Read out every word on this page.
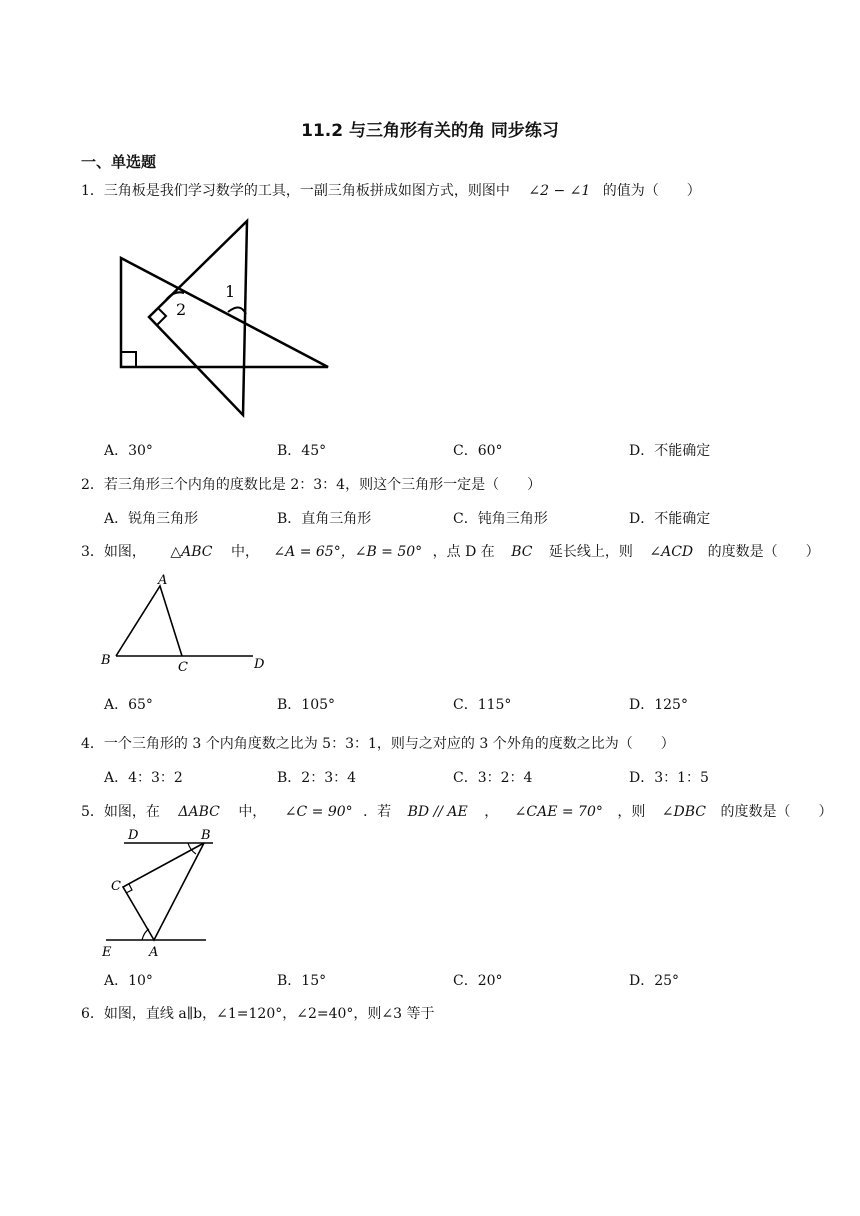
11.2 与三角形有关的角 同步练习
一、单选题
1．三角板是我们学习数学的工具，一副三角板拼成如图方式，则图中 ∠2 − ∠1 的值为（　　）
1
2
A．30°	B．45°	C．60°	D．不能确定
2．若三角形三个内角的度数比是 2：3：4，则这个三角形一定是（　　）
A．锐角三角形	B．直角三角形	C．钝角三角形	D．不能确定
3．如图， △ABC 中， ∠A = 65°，∠B = 50° ，点 D 在 BC 延长线上，则 ∠ACD 的度数是（　　）
A
B	C	D
A．65°	B．105°	C．115°	D．125°
4．一个三角形的 3 个内角度数之比为 5：3：1，则与之对应的 3 个外角的度数之比为（　　）
A．4：3：2	B．2：3：4	C．3：2：4	D．3：1：5
5．如图，在 ΔABC 中， ∠C = 90° ．若 BD // AE ， ∠CAE = 70° ，则 ∠DBC 的度数是（　　）
D	B
C
E	A
A．10°	B．15°	C．20°	D．25°
6．如图，直线 a∥b，∠1=120°，∠2=40°，则∠3 等于
